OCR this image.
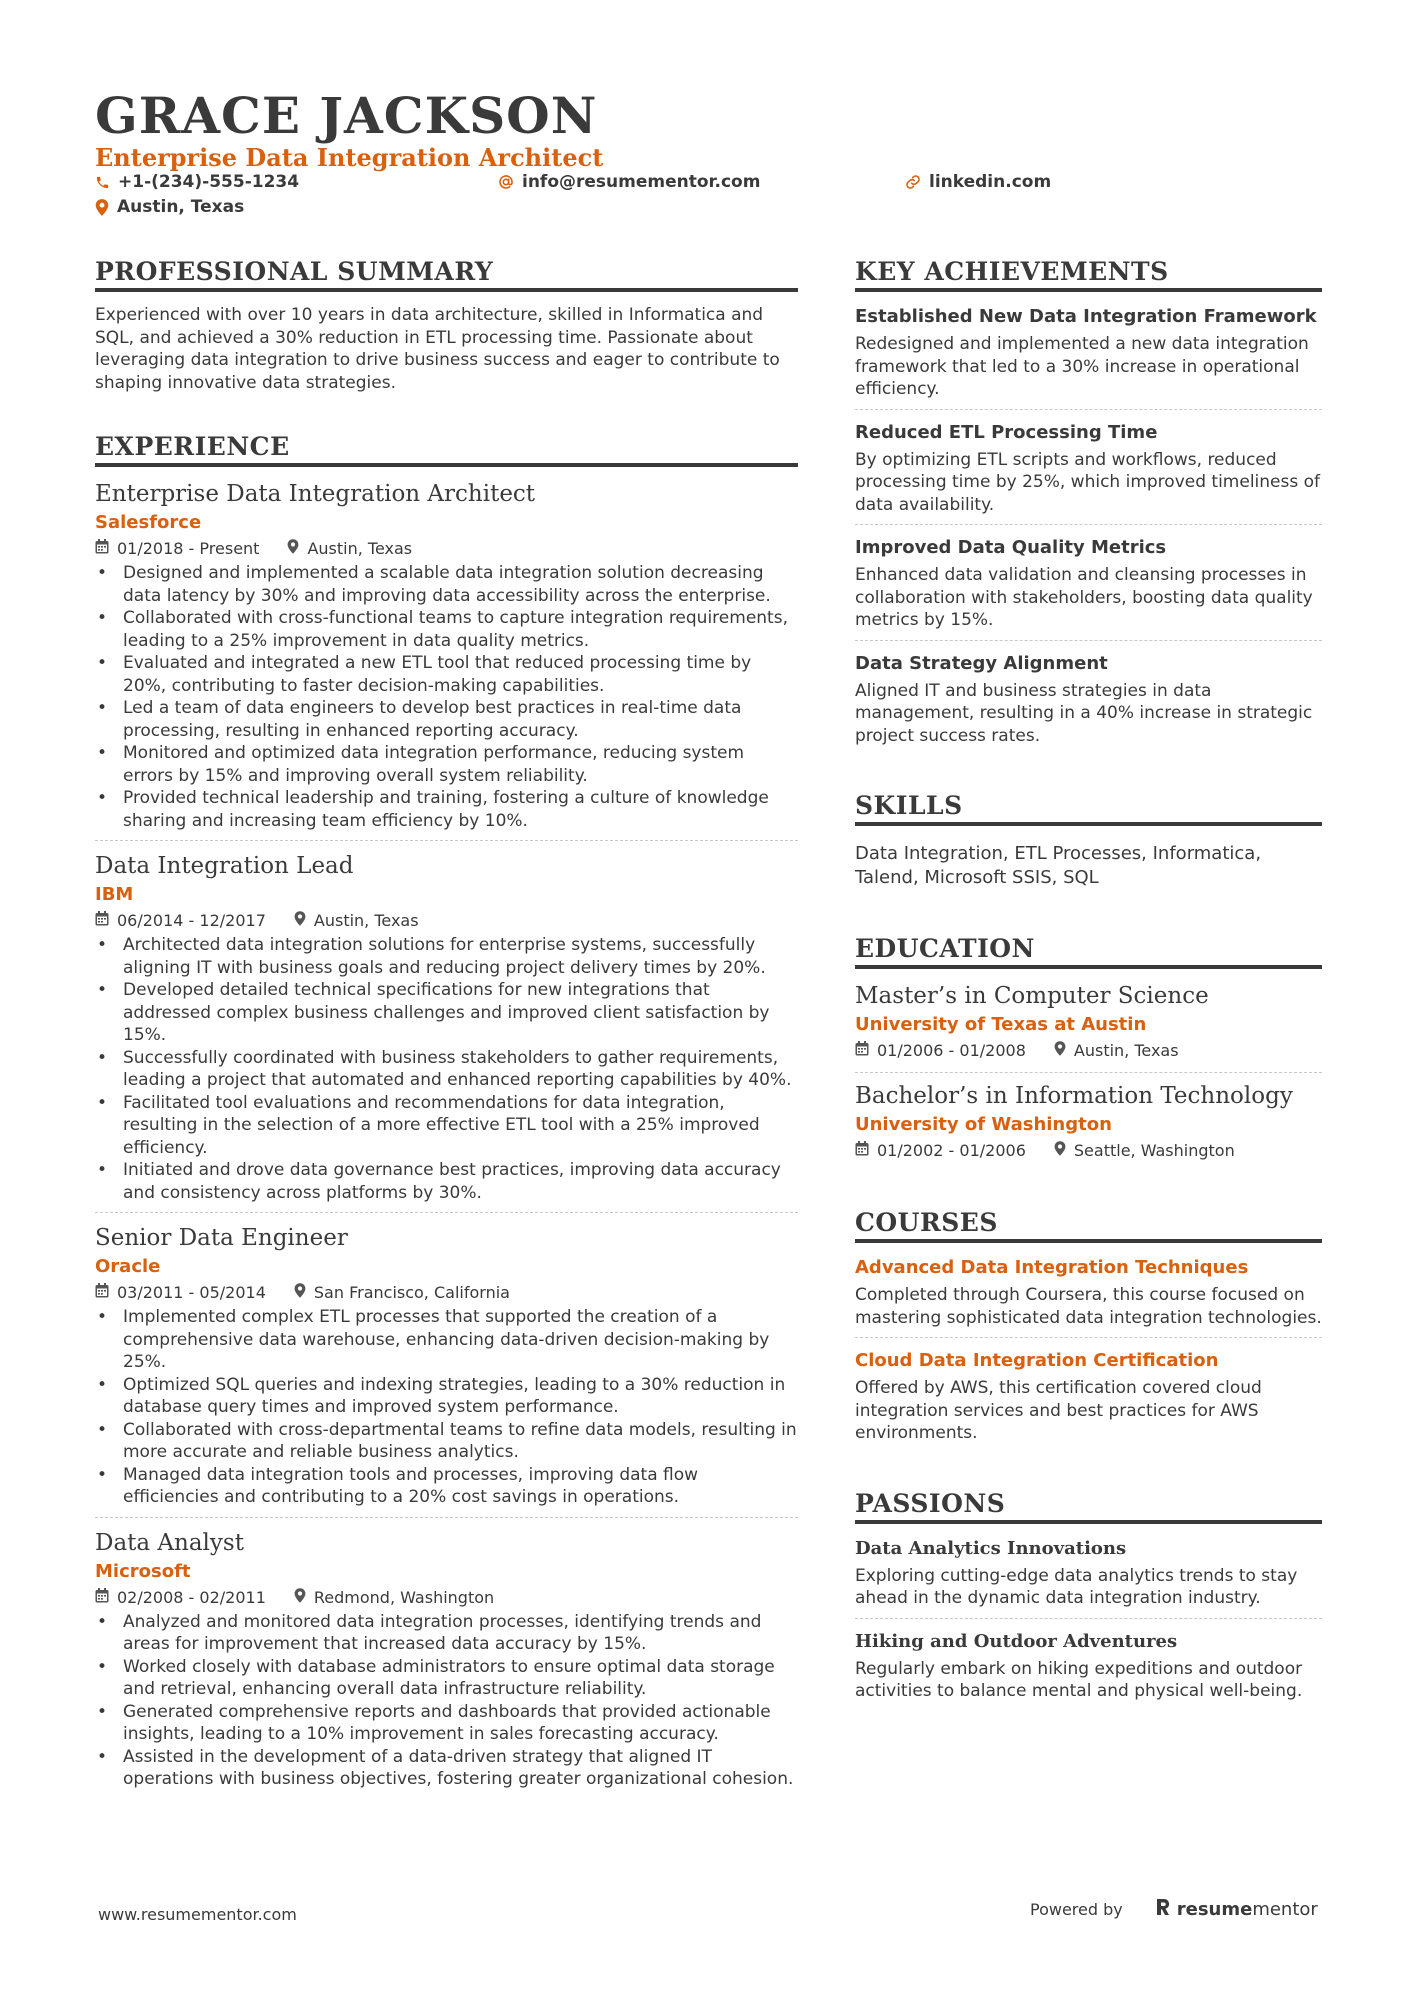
GRACE JACKSON
Enterprise Data Integration Architect
+1-(234)-555-1234	info@resumementor.com	linkedin.com
Austin, Texas
PROFESSIONAL SUMMARY

Experienced with over 10 years in data architecture, skilled in Informatica and SQL, and achieved a 30% reduction in ETL processing time. Passionate about leveraging data integration to drive business success and eager to contribute to shaping innovative data strategies.

EXPERIENCE
Enterprise Data Integration Architect
Salesforce
01/2018 - Present	Austin, Texas
• Designed and implemented a scalable data integration solution decreasing data latency by 30% and improving data accessibility across the enterprise.
• Collaborated with cross-functional teams to capture integration requirements, leading to a 25% improvement in data quality metrics.
• Evaluated and integrated a new ETL tool that reduced processing time by 20%, contributing to faster decision-making capabilities.
• Led a team of data engineers to develop best practices in real-time data processing, resulting in enhanced reporting accuracy.
• Monitored and optimized data integration performance, reducing system errors by 15% and improving overall system reliability.
• Provided technical leadership and training, fostering a culture of knowledge sharing and increasing team efficiency by 10%.
Data Integration Lead
IBM
06/2014 - 12/2017	Austin, Texas
• Architected data integration solutions for enterprise systems, successfully aligning IT with business goals and reducing project delivery times by 20%.
• Developed detailed technical specifications for new integrations that addressed complex business challenges and improved client satisfaction by 15%.
• Successfully coordinated with business stakeholders to gather requirements, leading a project that automated and enhanced reporting capabilities by 40%.
• Facilitated tool evaluations and recommendations for data integration, resulting in the selection of a more effective ETL tool with a 25% improved efficiency.
• Initiated and drove data governance best practices, improving data accuracy and consistency across platforms by 30%.
Senior Data Engineer
Oracle
03/2011 - 05/2014	San Francisco, California
• Implemented complex ETL processes that supported the creation of a comprehensive data warehouse, enhancing data-driven decision-making by 25%.
• Optimized SQL queries and indexing strategies, leading to a 30% reduction in database query times and improved system performance.
• Collaborated with cross-departmental teams to refine data models, resulting in more accurate and reliable business analytics.
• Managed data integration tools and processes, improving data flow efficiencies and contributing to a 20% cost savings in operations.
Data Analyst
Microsoft
02/2008 - 02/2011	Redmond, Washington
• Analyzed and monitored data integration processes, identifying trends and areas for improvement that increased data accuracy by 15%.
• Worked closely with database administrators to ensure optimal data storage and retrieval, enhancing overall data infrastructure reliability.
• Generated comprehensive reports and dashboards that provided actionable insights, leading to a 10% improvement in sales forecasting accuracy.
• Assisted in the development of a data-driven strategy that aligned IT operations with business objectives, fostering greater organizational cohesion.
KEY ACHIEVEMENTS
Established New Data Integration Framework

Redesigned and implemented a new data integration framework that led to a 30% increase in operational efficiency.

Reduced ETL Processing Time

By optimizing ETL scripts and workflows, reduced processing time by 25%, which improved timeliness of data availability.

Improved Data Quality Metrics

Enhanced data validation and cleansing processes in collaboration with stakeholders, boosting data quality metrics by 15%.

Data Strategy Alignment

Aligned IT and business strategies in data management, resulting in a 40% increase in strategic project success rates.

SKILLS

Data Integration, ETL Processes, Informatica, Talend, Microsoft SSIS, SQL

EDUCATION
Master’s in Computer Science
University of Texas at Austin
01/2006 - 01/2008	Austin, Texas
Bachelor’s in Information Technology
University of Washington
01/2002 - 01/2006	Seattle, Washington
COURSES
Advanced Data Integration Techniques

Completed through Coursera, this course focused on mastering sophisticated data integration technologies.

Cloud Data Integration Certification

Offered by AWS, this certification covered cloud integration services and best practices for AWS environments.

PASSIONS
Data Analytics Innovations

Exploring cutting-edge data analytics trends to stay ahead in the dynamic data integration industry.

Hiking and Outdoor Adventures

Regularly embark on hiking expeditions and outdoor activities to balance mental and physical well-being.

www.resumementor.com	Powered by	resumementor
